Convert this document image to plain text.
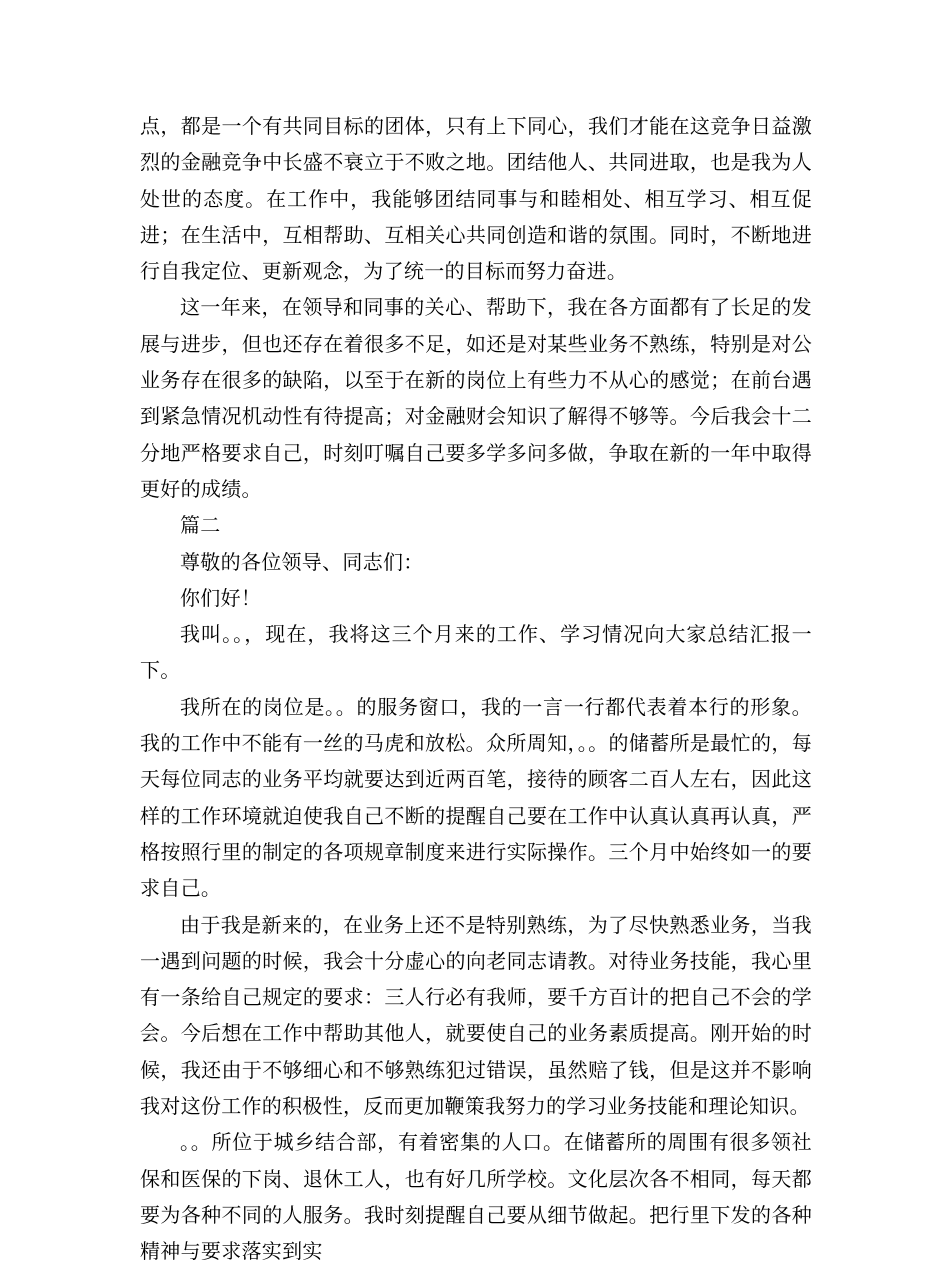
点，都是一个有共同目标的团体，只有上下同心，我们才能在这竞争日益激烈的金融竞争中长盛不衰立于不败之地。团结他人、共同进取，也是我为人处世的态度。在工作中，我能够团结同事与和睦相处、相互学习、相互促进；在生活中，互相帮助、互相关心共同创造和谐的氛围。同时，不断地进行自我定位、更新观念，为了统一的目标而努力奋进。

这一年来，在领导和同事的关心、帮助下，我在各方面都有了长足的发展与进步，但也还存在着很多不足，如还是对某些业务不熟练，特别是对公业务存在很多的缺陷，以至于在新的岗位上有些力不从心的感觉；在前台遇到紧急情况机动性有待提高；对金融财会知识了解得不够等。今后我会十二分地严格要求自己，时刻叮嘱自己要多学多问多做，争取在新的一年中取得更好的成绩。

篇二

尊敬的各位领导、同志们：

你们好！

我叫。。，现在，我将这三个月来的工作、学习情况向大家总结汇报一下。

我所在的岗位是。。的服务窗口，我的一言一行都代表着本行的形象。我的工作中不能有一丝的马虎和放松。众所周知，。。的储蓄所是最忙的，每天每位同志的业务平均就要达到近两百笔，接待的顾客二百人左右，因此这样的工作环境就迫使我自己不断的提醒自己要在工作中认真认真再认真，严格按照行里的制定的各项规章制度来进行实际操作。三个月中始终如一的要求自己。

由于我是新来的，在业务上还不是特别熟练，为了尽快熟悉业务，当我一遇到问题的时候，我会十分虚心的向老同志请教。对待业务技能，我心里有一条给自己规定的要求：三人行必有我师，要千方百计的把自己不会的学会。今后想在工作中帮助其他人，就要使自己的业务素质提高。刚开始的时候，我还由于不够细心和不够熟练犯过错误，虽然赔了钱，但是这并不影响我对这份工作的积极性，反而更加鞭策我努力的学习业务技能和理论知识。

。。所位于城乡结合部，有着密集的人口。在储蓄所的周围有很多领社保和医保的下岗、退休工人，也有好几所学校。文化层次各不相同，每天都要为各种不同的人服务。我时刻提醒自己要从细节做起。把行里下发的各种精神与要求落实到实
